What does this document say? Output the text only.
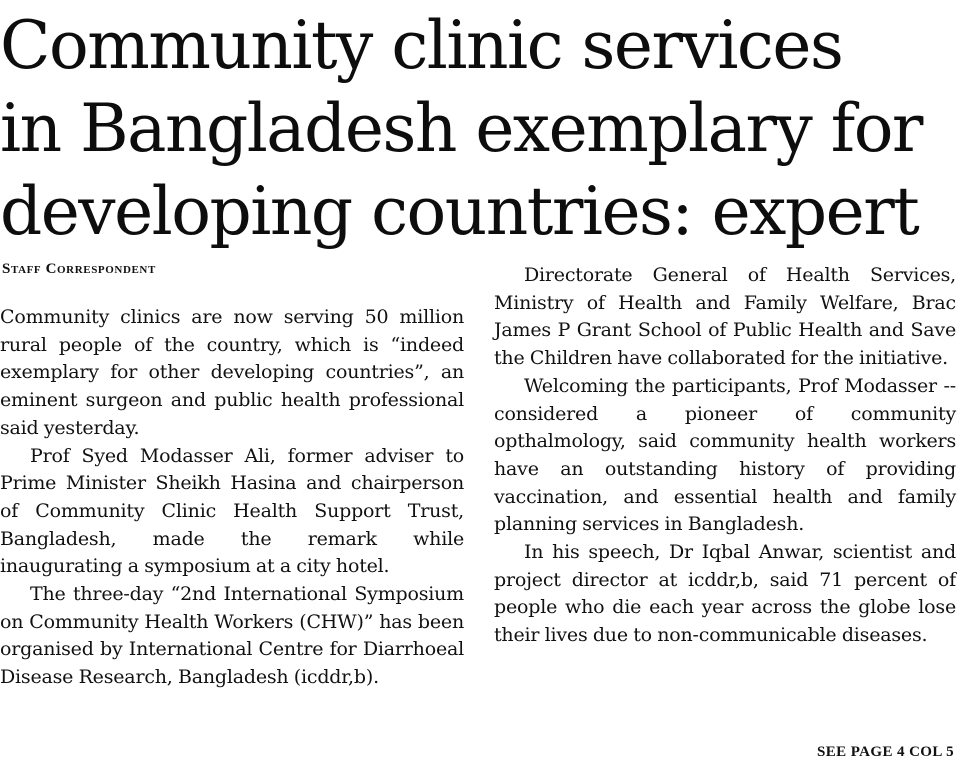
Community clinic services
in Bangladesh exemplary for
developing countries: expert
Staff Correspondent

Community clinics are now serving 50 million rural people of the country, which is “indeed exemplary for other developing countries”, an eminent surgeon and public health professional said yesterday.

Prof Syed Modasser Ali, former adviser to Prime Minister Sheikh Hasina and chairperson of Community Clinic Health Support Trust, Bangladesh, made the remark while inaugurating a symposium at a city hotel.

The three-day “2nd International Symposium on Community Health Workers (CHW)” has been organised by International Centre for Diarrhoeal Disease Research, Bangladesh (icddr,b).

Directorate General of Health Services, Ministry of Health and Family Welfare, Brac James P Grant School of Public Health and Save the Children have collaborated for the initiative.

Welcoming the participants, Prof Modasser -- considered a pioneer of community opthalmology, said community health workers have an outstanding history of providing vaccination, and essential health and family planning services in Bangladesh.

In his speech, Dr Iqbal Anwar, scientist and project director at icddr,b, said 71 percent of people who die each year across the globe lose their lives due to non-communicable diseases.

SEE PAGE 4 COL 5
